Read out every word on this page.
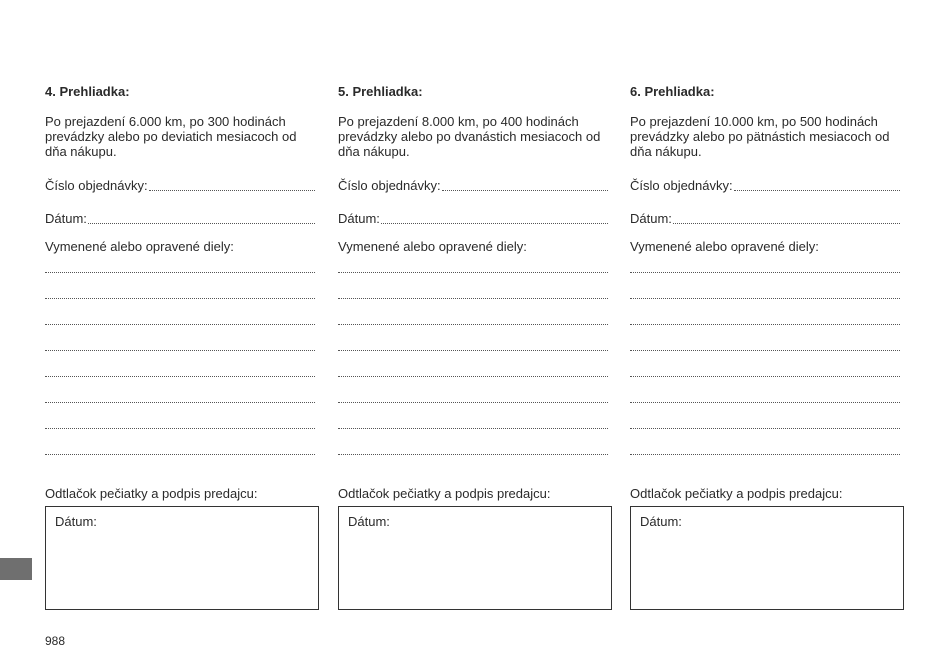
4. Prehliadka:
Po prejazdení 6.000 km, po 300 hodinách prevádzky alebo po deviatich mesiacoch od dňa nákupu.
Číslo objednávky:
Dátum:
Vymenené alebo opravené diely:
Odtlačok pečiatky a podpis predajcu:
Dátum:
5. Prehliadka:
Po prejazdení 8.000 km, po 400 hodinách prevádzky alebo po dvanástich mesiacoch od dňa nákupu.
Číslo objednávky:
Dátum:
Vymenené alebo opravené diely:
Odtlačok pečiatky a podpis predajcu:
Dátum:
6. Prehliadka:
Po prejazdení 10.000 km, po 500 hodinách prevádzky alebo po pätnástich mesiacoch od dňa nákupu.
Číslo objednávky:
Dátum:
Vymenené alebo opravené diely:
Odtlačok pečiatky a podpis predajcu:
Dátum:
988
